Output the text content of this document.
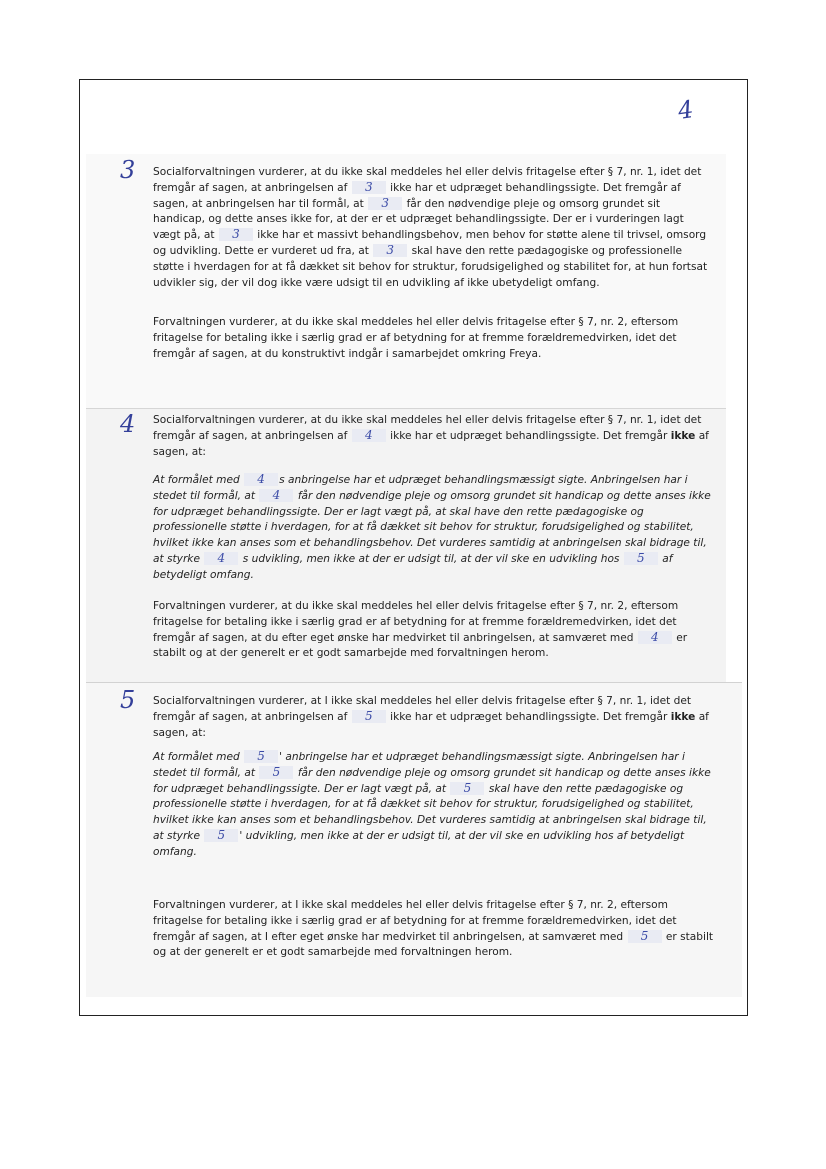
4
3 Socialforvaltningen vurderer, at du ikke skal meddeles hel eller delvis fritagelse efter § 7, nr. 1, idet det fremgår af sagen, at anbringelsen af 3 ikke har et udpræget behandlingssigte. Det fremgår af sagen, at anbringelsen har til formål, at 3 får den nødvendige pleje og omsorg grundet sit handicap, og dette anses ikke for, at der er et udpræget behandlingssigte. Der er i vurderingen lagt vægt på, at 3 ikke har et massivt behandlingsbehov, men behov for støtte alene til trivsel, omsorg og udvikling. Dette er vurderet ud fra, at 3 skal have den rette pædagogiske og professionelle støtte i hverdagen for at få dækket sit behov for struktur, forudsigelighed og stabilitet for, at hun fortsat udvikler sig, der vil dog ikke være udsigt til en udvikling af ikke ubetydeligt omfang.

Forvaltningen vurderer, at du ikke skal meddeles hel eller delvis fritagelse efter § 7, nr. 2, eftersom fritagelse for betaling ikke i særlig grad er af betydning for at fremme forældremedvirken, idet det fremgår af sagen, at du konstruktivt indgår i samarbejdet omkring Freya.

4 Socialforvaltningen vurderer, at du ikke skal meddeles hel eller delvis fritagelse efter § 7, nr. 1, idet det fremgår af sagen, at anbringelsen af 4 ikke har et udpræget behandlingssigte. Det fremgår ikke af sagen, at:

At formålet med 4 s anbringelse har et udpræget behandlingsmæssigt sigte. Anbringelsen har i stedet til formål, at 4 får den nødvendige pleje og omsorg grundet sit handicap og dette anses ikke for udpræget behandlingssigte. Der er lagt vægt på, at skal have den rette pædagogiske og professionelle støtte i hverdagen, for at få dækket sit behov for struktur, forudsigelighed og stabilitet, hvilket ikke kan anses som et behandlingsbehov. Det vurderes samtidig at anbringelsen skal bidrage til, at styrke 4 s udvikling, men ikke at der er udsigt til, at der vil ske en udvikling hos 5 af betydeligt omfang.

Forvaltningen vurderer, at du ikke skal meddeles hel eller delvis fritagelse efter § 7, nr. 2, eftersom fritagelse for betaling ikke i særlig grad er af betydning for at fremme forældremedvirken, idet det fremgår af sagen, at du efter eget ønske har medvirket til anbringelsen, at samværet med 4 er stabilt og at der generelt er et godt samarbejde med forvaltningen herom.

5 Socialforvaltningen vurderer, at I ikke skal meddeles hel eller delvis fritagelse efter § 7, nr. 1, idet det fremgår af sagen, at anbringelsen af 5 ikke har et udpræget behandlingssigte. Det fremgår ikke af sagen, at:

At formålet med 5 ' anbringelse har et udpræget behandlingsmæssigt sigte. Anbringelsen har i stedet til formål, at 5 får den nødvendige pleje og omsorg grundet sit handicap og dette anses ikke for udpræget behandlingssigte. Der er lagt vægt på, at 5 skal have den rette pædagogiske og professionelle støtte i hverdagen, for at få dækket sit behov for struktur, forudsigelighed og stabilitet, hvilket ikke kan anses som et behandlingsbehov. Det vurderes samtidig at anbringelsen skal bidrage til, at styrke 5 ' udvikling, men ikke at der er udsigt til, at der vil ske en udvikling hos af betydeligt omfang.

Forvaltningen vurderer, at I ikke skal meddeles hel eller delvis fritagelse efter § 7, nr. 2, eftersom fritagelse for betaling ikke i særlig grad er af betydning for at fremme forældremedvirken, idet det fremgår af sagen, at I efter eget ønske har medvirket til anbringelsen, at samværet med 5 er stabilt og at der generelt er et godt samarbejde med forvaltningen herom.
